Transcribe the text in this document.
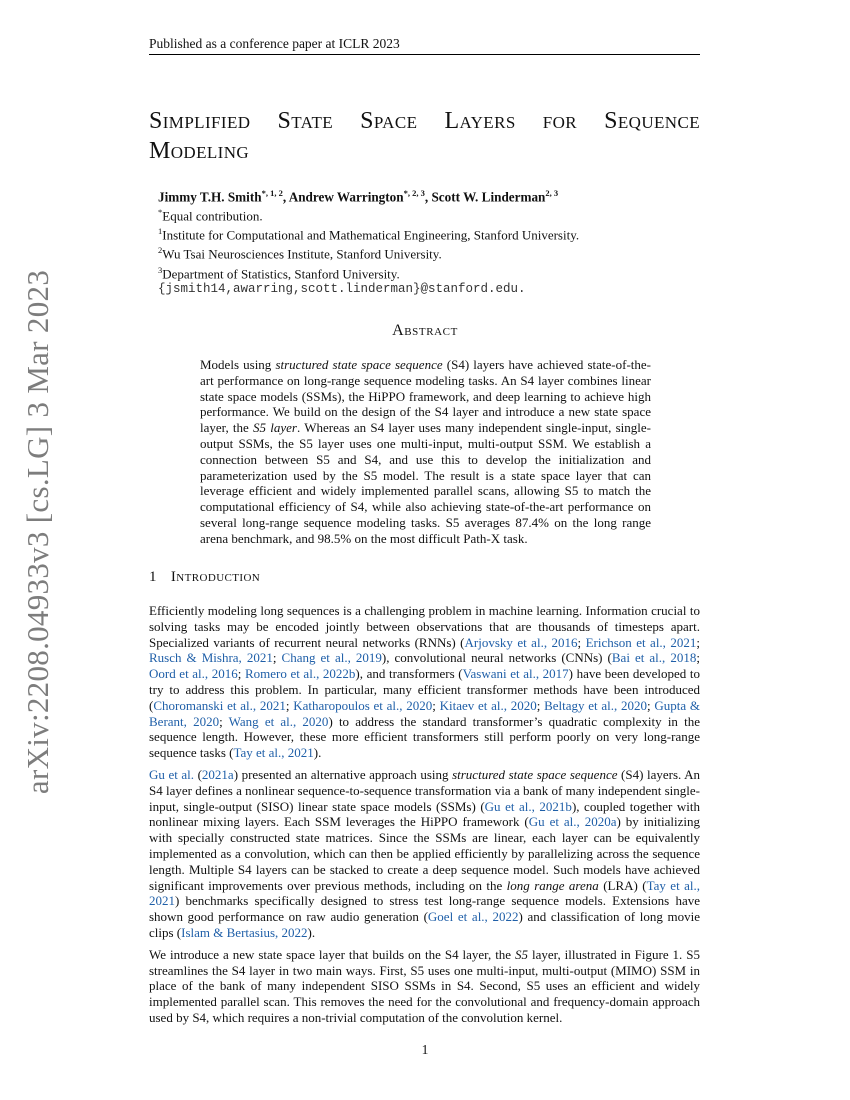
arXiv:2208.04933v3 [cs.LG] 3 Mar 2023
Published as a conference paper at ICLR 2023
Simplified State Space Layers for Sequence Modeling
Jimmy T.H. Smith$^{*, 1, 2}$, Andrew Warrington$^{*, 2, 3}$, Scott W. Linderman$^{2, 3}$
*Equal contribution.
$^1$Institute for Computational and Mathematical Engineering, Stanford University.
$^2$Wu Tsai Neurosciences Institute, Stanford University.
$^3$Department of Statistics, Stanford University.
{jsmith14,awarring,scott.linderman}@stanford.edu.
Abstract

Models using structured state space sequence (S4) layers have achieved state-of-the-art performance on long-range sequence modeling tasks. An S4 layer combines linear state space models (SSMs), the HiPPO framework, and deep learning to achieve high performance. We build on the design of the S4 layer and introduce a new state space layer, the S5 layer. Whereas an S4 layer uses many independent single-input, single-output SSMs, the S5 layer uses one multi-input, multi-output SSM. We establish a connection between S5 and S4, and use this to develop the initialization and parameterization used by the S5 model. The result is a state space layer that can leverage efficient and widely implemented parallel scans, allowing S5 to match the computational efficiency of S4, while also achieving state-of-the-art performance on several long-range sequence modeling tasks. S5 averages 87.4% on the long range arena benchmark, and 98.5% on the most difficult Path-X task.

1 Introduction

Efficiently modeling long sequences is a challenging problem in machine learning. Information crucial to solving tasks may be encoded jointly between observations that are thousands of timesteps apart. Specialized variants of recurrent neural networks (RNNs) (Arjovsky et al., 2016; Erichson et al., 2021; Rusch & Mishra, 2021; Chang et al., 2019), convolutional neural networks (CNNs) (Bai et al., 2018; Oord et al., 2016; Romero et al., 2022b), and transformers (Vaswani et al., 2017) have been developed to try to address this problem. In particular, many efficient transformer methods have been introduced (Choromanski et al., 2021; Katharopoulos et al., 2020; Kitaev et al., 2020; Beltagy et al., 2020; Gupta & Berant, 2020; Wang et al., 2020) to address the standard transformer’s quadratic complexity in the sequence length. However, these more efficient transformers still perform poorly on very long-range sequence tasks (Tay et al., 2021).

Gu et al. (2021a) presented an alternative approach using structured state space sequence (S4) layers. An S4 layer defines a nonlinear sequence-to-sequence transformation via a bank of many independent single-input, single-output (SISO) linear state space models (SSMs) (Gu et al., 2021b), coupled together with nonlinear mixing layers. Each SSM leverages the HiPPO framework (Gu et al., 2020a) by initializing with specially constructed state matrices. Since the SSMs are linear, each layer can be equivalently implemented as a convolution, which can then be applied efficiently by parallelizing across the sequence length. Multiple S4 layers can be stacked to create a deep sequence model. Such models have achieved significant improvements over previous methods, including on the long range arena (LRA) (Tay et al., 2021) benchmarks specifically designed to stress test long-range sequence models. Extensions have shown good performance on raw audio generation (Goel et al., 2022) and classification of long movie clips (Islam & Bertasius, 2022).

We introduce a new state space layer that builds on the S4 layer, the S5 layer, illustrated in Figure 1. S5 streamlines the S4 layer in two main ways. First, S5 uses one multi-input, multi-output (MIMO) SSM in place of the bank of many independent SISO SSMs in S4. Second, S5 uses an efficient and widely implemented parallel scan. This removes the need for the convolutional and frequency-domain approach used by S4, which requires a non-trivial computation of the convolution kernel.

1
